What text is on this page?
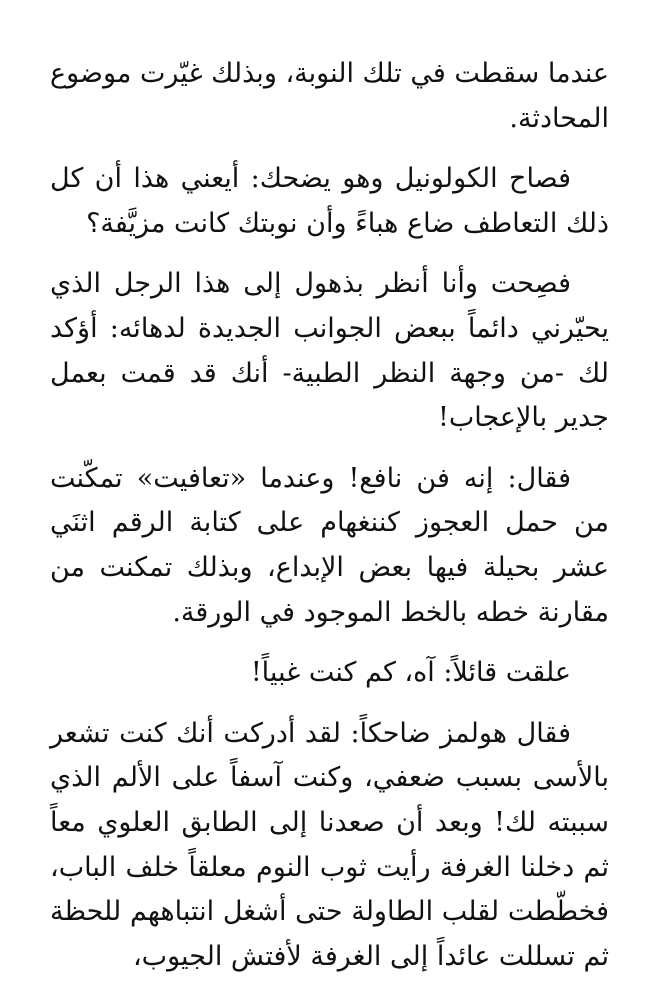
عندما سقطت في تلك النوبة، وبذلك غيّرت موضوع المحادثة.

فصاح الكولونيل وهو يضحك: أيعني هذا أن كل ذلك التعاطف ضاع هباءً وأن نوبتك كانت مزيَّفة؟

فصِحت وأنا أنظر بذهول إلى هذا الرجل الذي يحيّرني دائماً ببعض الجوانب الجديدة لدهائه: أؤكد لك -من وجهة النظر الطبية- أنك قد قمت بعمل جدير بالإعجاب!

فقال: إنه فن نافع! وعندما «تعافيت» تمكّنت من حمل العجوز كننغهام على كتابة الرقم اثنَي عشر بحيلة فيها بعض الإبداع، وبذلك تمكنت من مقارنة خطه بالخط الموجود في الورقة.

علقت قائلاً: آه، كم كنت غبياً!

فقال هولمز ضاحكاً: لقد أدركت أنك كنت تشعر بالأسى بسبب ضعفي، وكنت آسفاً على الألم الذي سببته لك! وبعد أن صعدنا إلى الطابق العلوي معاً ثم دخلنا الغرفة رأيت ثوب النوم معلقاً خلف الباب، فخطّطت لقلب الطاولة حتى أشغل انتباههم للحظة ثم تسللت عائداً إلى الغرفة لأفتش الجيوب،
